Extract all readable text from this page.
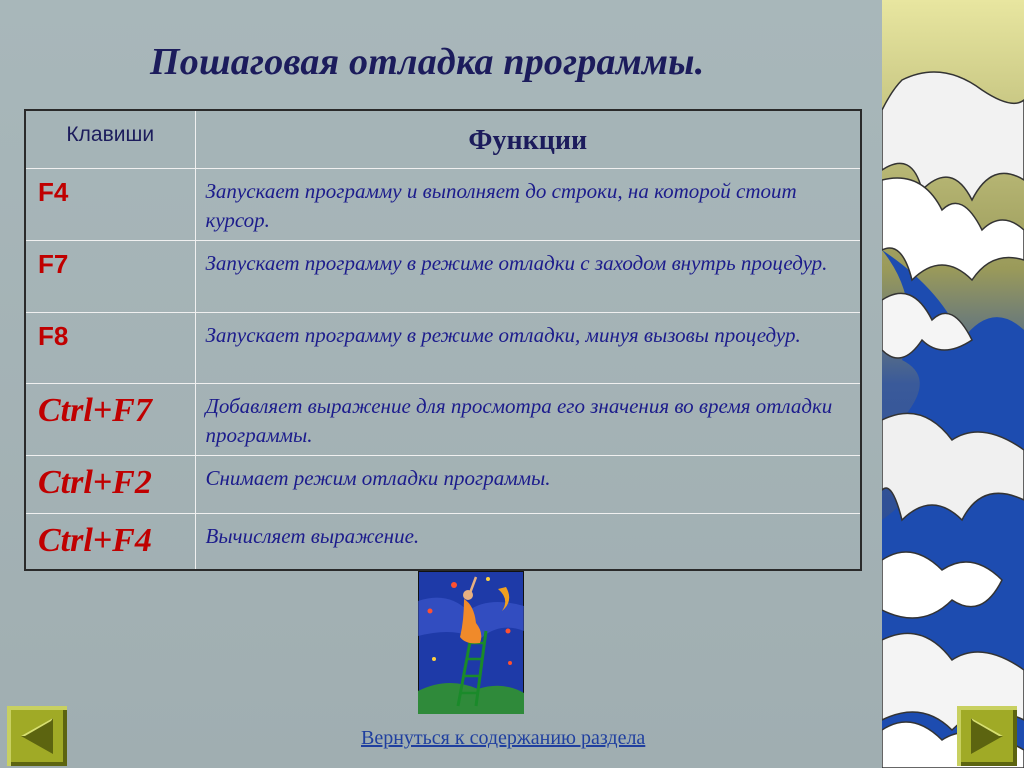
Пошаговая отладка программы.
Клавиши	Функции
F4	Запускает программу и выполняет до строки, на которой стоит курсор.
F7	Запускает программу в режиме отладки с заходом внутрь процедур.
F8	Запускает программу в режиме отладки, минуя вызовы процедур.
Ctrl+F7	Добавляет выражение для просмотра его значения во время отладки программы.
Ctrl+F2	Снимает режим отладки программы.
Ctrl+F4	Вычисляет выражение.
Вернуться к содержанию раздела
